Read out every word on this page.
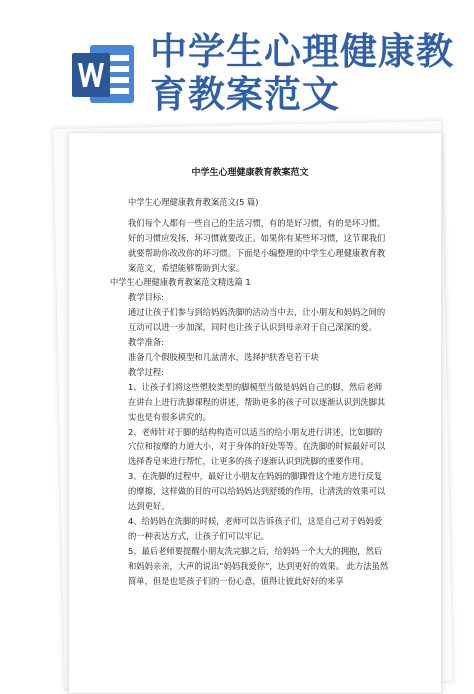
中学生心理健康教
育教案范文
中学生心理健康教育教案范文

中学生心理健康教育教案范文(5 篇)

我们每个人都有一些自己的生活习惯，有的是好习惯，有的是坏习惯。好的习惯应发扬，坏习惯就要改正。如果你有某些坏习惯，这节课我们就要帮助你改改你的坏习惯。下面是小编整理的中学生心理健康教育教案范文，希望能够帮助到大家。

中学生心理健康教育教案范文精选篇 1

教学目标:

通过让孩子们参与到给妈妈洗脚的活动当中去，让小朋友和妈妈之间的互动可以进一步加深，同时也让孩子认识到母亲对于自己深深的爱。

教学准备:

准备几个假肢模型和几盆清水，选择护肤香皂若干块

教学过程:

1、让孩子们将这些塑胶类型的脚模型当做是妈妈自己的脚，然后老师在讲台上进行洗脚课程的讲述，帮助更多的孩子可以逐渐认识到洗脚其实也是有很多讲究的。

2、老师针对于脚的结构构造可以适当的给小朋友进行讲述，比如脚的穴位和按摩的力道大小，对于身体的好处等等。在洗脚的时候最好可以选择香皂来进行帮忙，让更多的孩子逐渐认识到洗脚的重要作用。

3、在洗脚的过程中，最好让小朋友在妈妈的脚踝骨这个地方进行反复的摩擦，这样做的目的可以给妈妈达到舒缓的作用，让清洗的效果可以达到更好。

4、给妈妈在洗脚的时候，老师可以告诉孩子们，这是自己对于妈妈爱的一种表达方式，让孩子们可以牢记。

5、最后老师要提醒小朋友洗完脚之后，给妈妈一个大大的拥抱，然后和妈妈亲亲，大声的说出“妈妈我爱你”，达到更好的效果。 此方法虽然简单，但是也是孩子们的一份心意，值得让彼此好好的来享
